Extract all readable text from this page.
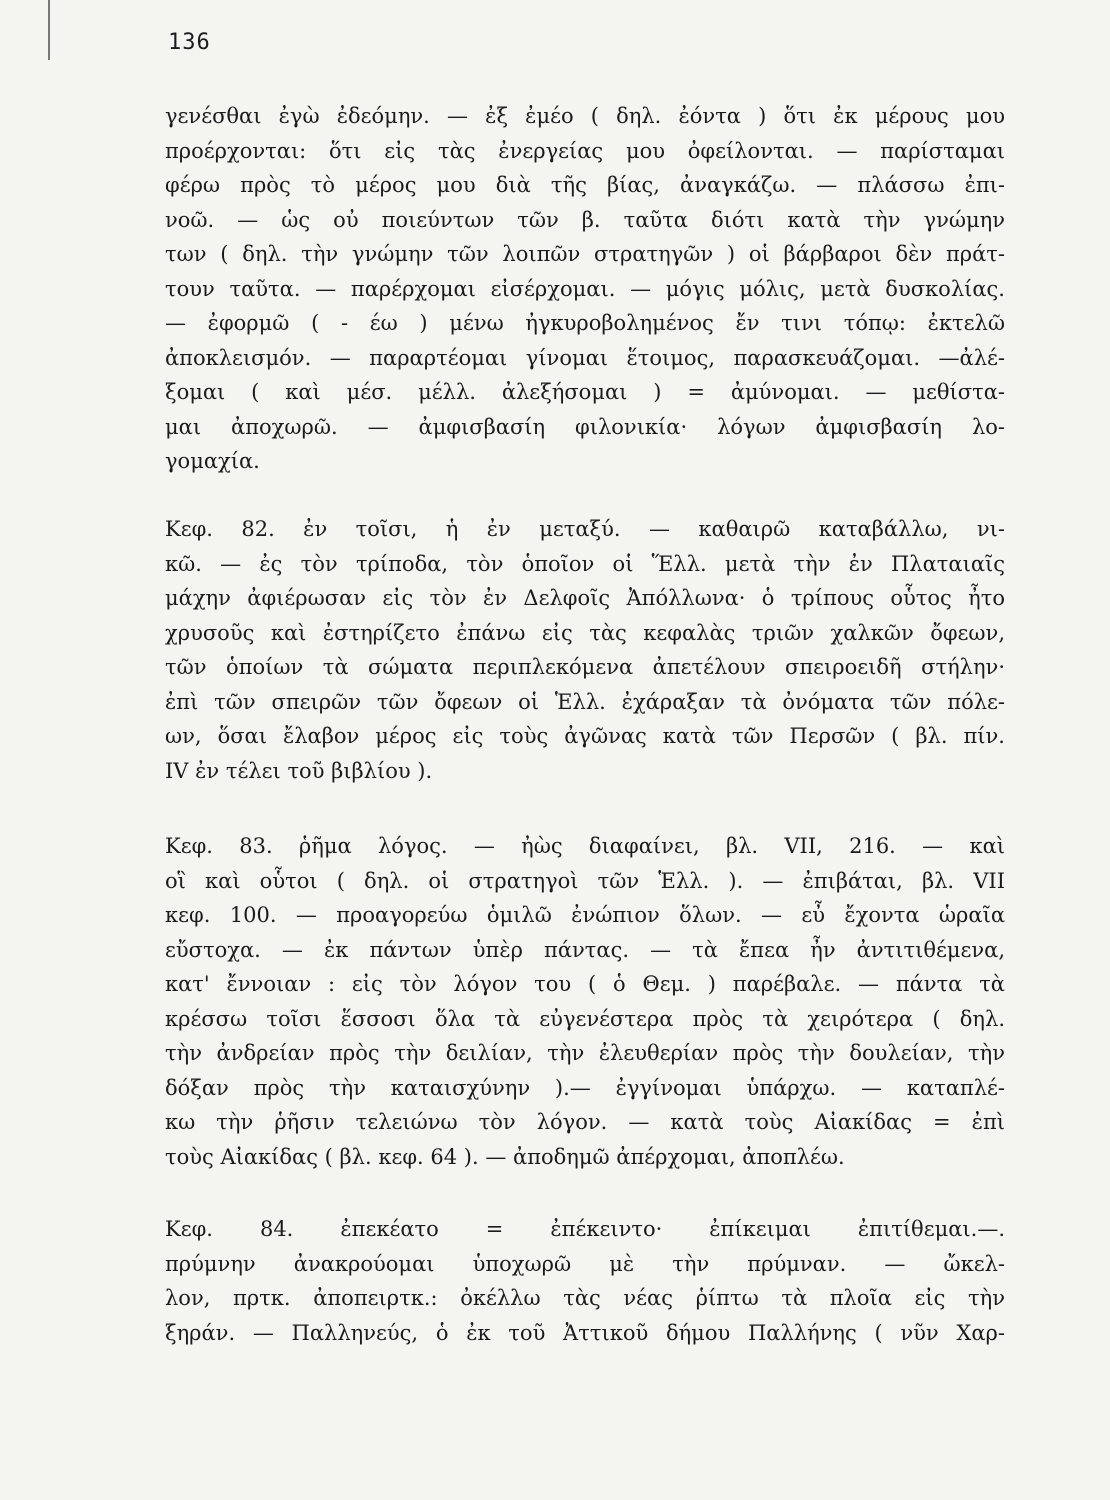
136
γενέσθαι ἐγὼ ἐδεόμην. — ἐξ ἐμέο ( δηλ. ἐόντα ) ὅτι ἐκ μέρους μου
προέρχονται: ὅτι εἰς τὰς ἐνεργείας μου ὀφείλονται. — παρίσταμαι
φέρω πρὸς τὸ μέρος μου διὰ τῆς βίας, ἀναγκάζω. — πλάσσω ἐπι-
νοῶ. — ὡς οὐ ποιεύντων τῶν β. ταῦτα διότι κατὰ τὴν γνώμην
των ( δηλ. τὴν γνώμην τῶν λοιπῶν στρατηγῶν ) οἱ βάρβαροι δὲν πράτ-
τουν ταῦτα. — παρέρχομαι εἰσέρχομαι. — μόγις μόλις, μετὰ δυσκολίας.
— ἐφορμῶ ( - έω ) μένω ἠγκυροβολημένος ἔν τινι τόπῳ: ἐκτελῶ
ἀποκλεισμόν. — παραρτέομαι γίνομαι ἕτοιμος, παρασκευάζομαι. —ἀλέ-
ξομαι ( καὶ μέσ. μέλλ. ἀλεξήσομαι ) = ἀμύνομαι. — μεθίστα-
μαι ἀποχωρῶ. — ἀμφισβασίη φιλονικία· λόγων ἀμφισβασίη λο-
γομαχία.
Κεφ. 82. ἐν τοῖσι, ἡ ἐν μεταξύ. — καθαιρῶ καταβάλλω, νι-
κῶ. — ἐς τὸν τρίποδα, τὸν ὁποῖον οἱ Ἕλλ. μετὰ τὴν ἐν Πλαταιαῖς
μάχην ἀφιέρωσαν εἰς τὸν ἐν Δελφοῖς Ἀπόλλωνα· ὁ τρίπους οὗτος ἦτο
χρυσοῦς καὶ ἐστηρίζετο ἐπάνω εἰς τὰς κεφαλὰς τριῶν χαλκῶν ὄφεων,
τῶν ὁποίων τὰ σώματα περιπλεκόμενα ἀπετέλουν σπειροειδῆ στήλην·
ἐπὶ τῶν σπειρῶν τῶν ὄφεων οἱ Ἑλλ. ἐχάραξαν τὰ ὀνόματα τῶν πόλε-
ων, ὅσαι ἔλαβον μέρος εἰς τοὺς ἀγῶνας κατὰ τῶν Περσῶν ( βλ. πίν.
IV ἐν τέλει τοῦ βιβλίου ).
Κεφ. 83. ῥῆμα λόγος. — ἠὼς διαφαίνει, βλ. VII, 216. — καὶ
οἳ καὶ οὗτοι ( δηλ. οἱ στρατηγοὶ τῶν Ἑλλ. ). — ἐπιβάται, βλ. VII
κεφ. 100. — προαγορεύω ὁμιλῶ ἐνώπιον ὅλων. — εὖ ἔχοντα ὡραῖα
εὔστοχα. — ἐκ πάντων ὑπὲρ πάντας. — τὰ ἔπεα ἦν ἀντιτιθέμενα,
κατ' ἔννοιαν : εἰς τὸν λόγον του ( ὁ Θεμ. ) παρέβαλε. — πάντα τὰ
κρέσσω τοῖσι ἕσσοσι ὅλα τὰ εὐγενέστερα πρὸς τὰ χειρότερα ( δηλ.
τὴν ἀνδρείαν πρὸς τὴν δειλίαν, τὴν ἐλευθερίαν πρὸς τὴν δουλείαν, τὴν
δόξαν πρὸς τὴν καταισχύνην ).— ἐγγίνομαι ὑπάρχω. — καταπλέ-
κω τὴν ῥῆσιν τελειώνω τὸν λόγον. — κατὰ τοὺς Αἰακίδας = ἐπὶ
τοὺς Αἰακίδας ( βλ. κεφ. 64 ). — ἀποδημῶ ἀπέρχομαι, ἀποπλέω.
Κεφ. 84. ἐπεκέατο = ἐπέκειντο· ἐπίκειμαι ἐπιτίθεμαι.—.
πρύμνην ἀνακρούομαι ὑποχωρῶ μὲ τὴν πρύμναν. — ὤκελ-
λον, πρτκ. ἀποπειρτκ.: ὀκέλλω τὰς νέας ῥίπτω τὰ πλοῖα εἰς τὴν
ξηράν. — Παλληνεύς, ὁ ἐκ τοῦ Ἀττικοῦ δήμου Παλλήνης ( νῦν Χαρ-
